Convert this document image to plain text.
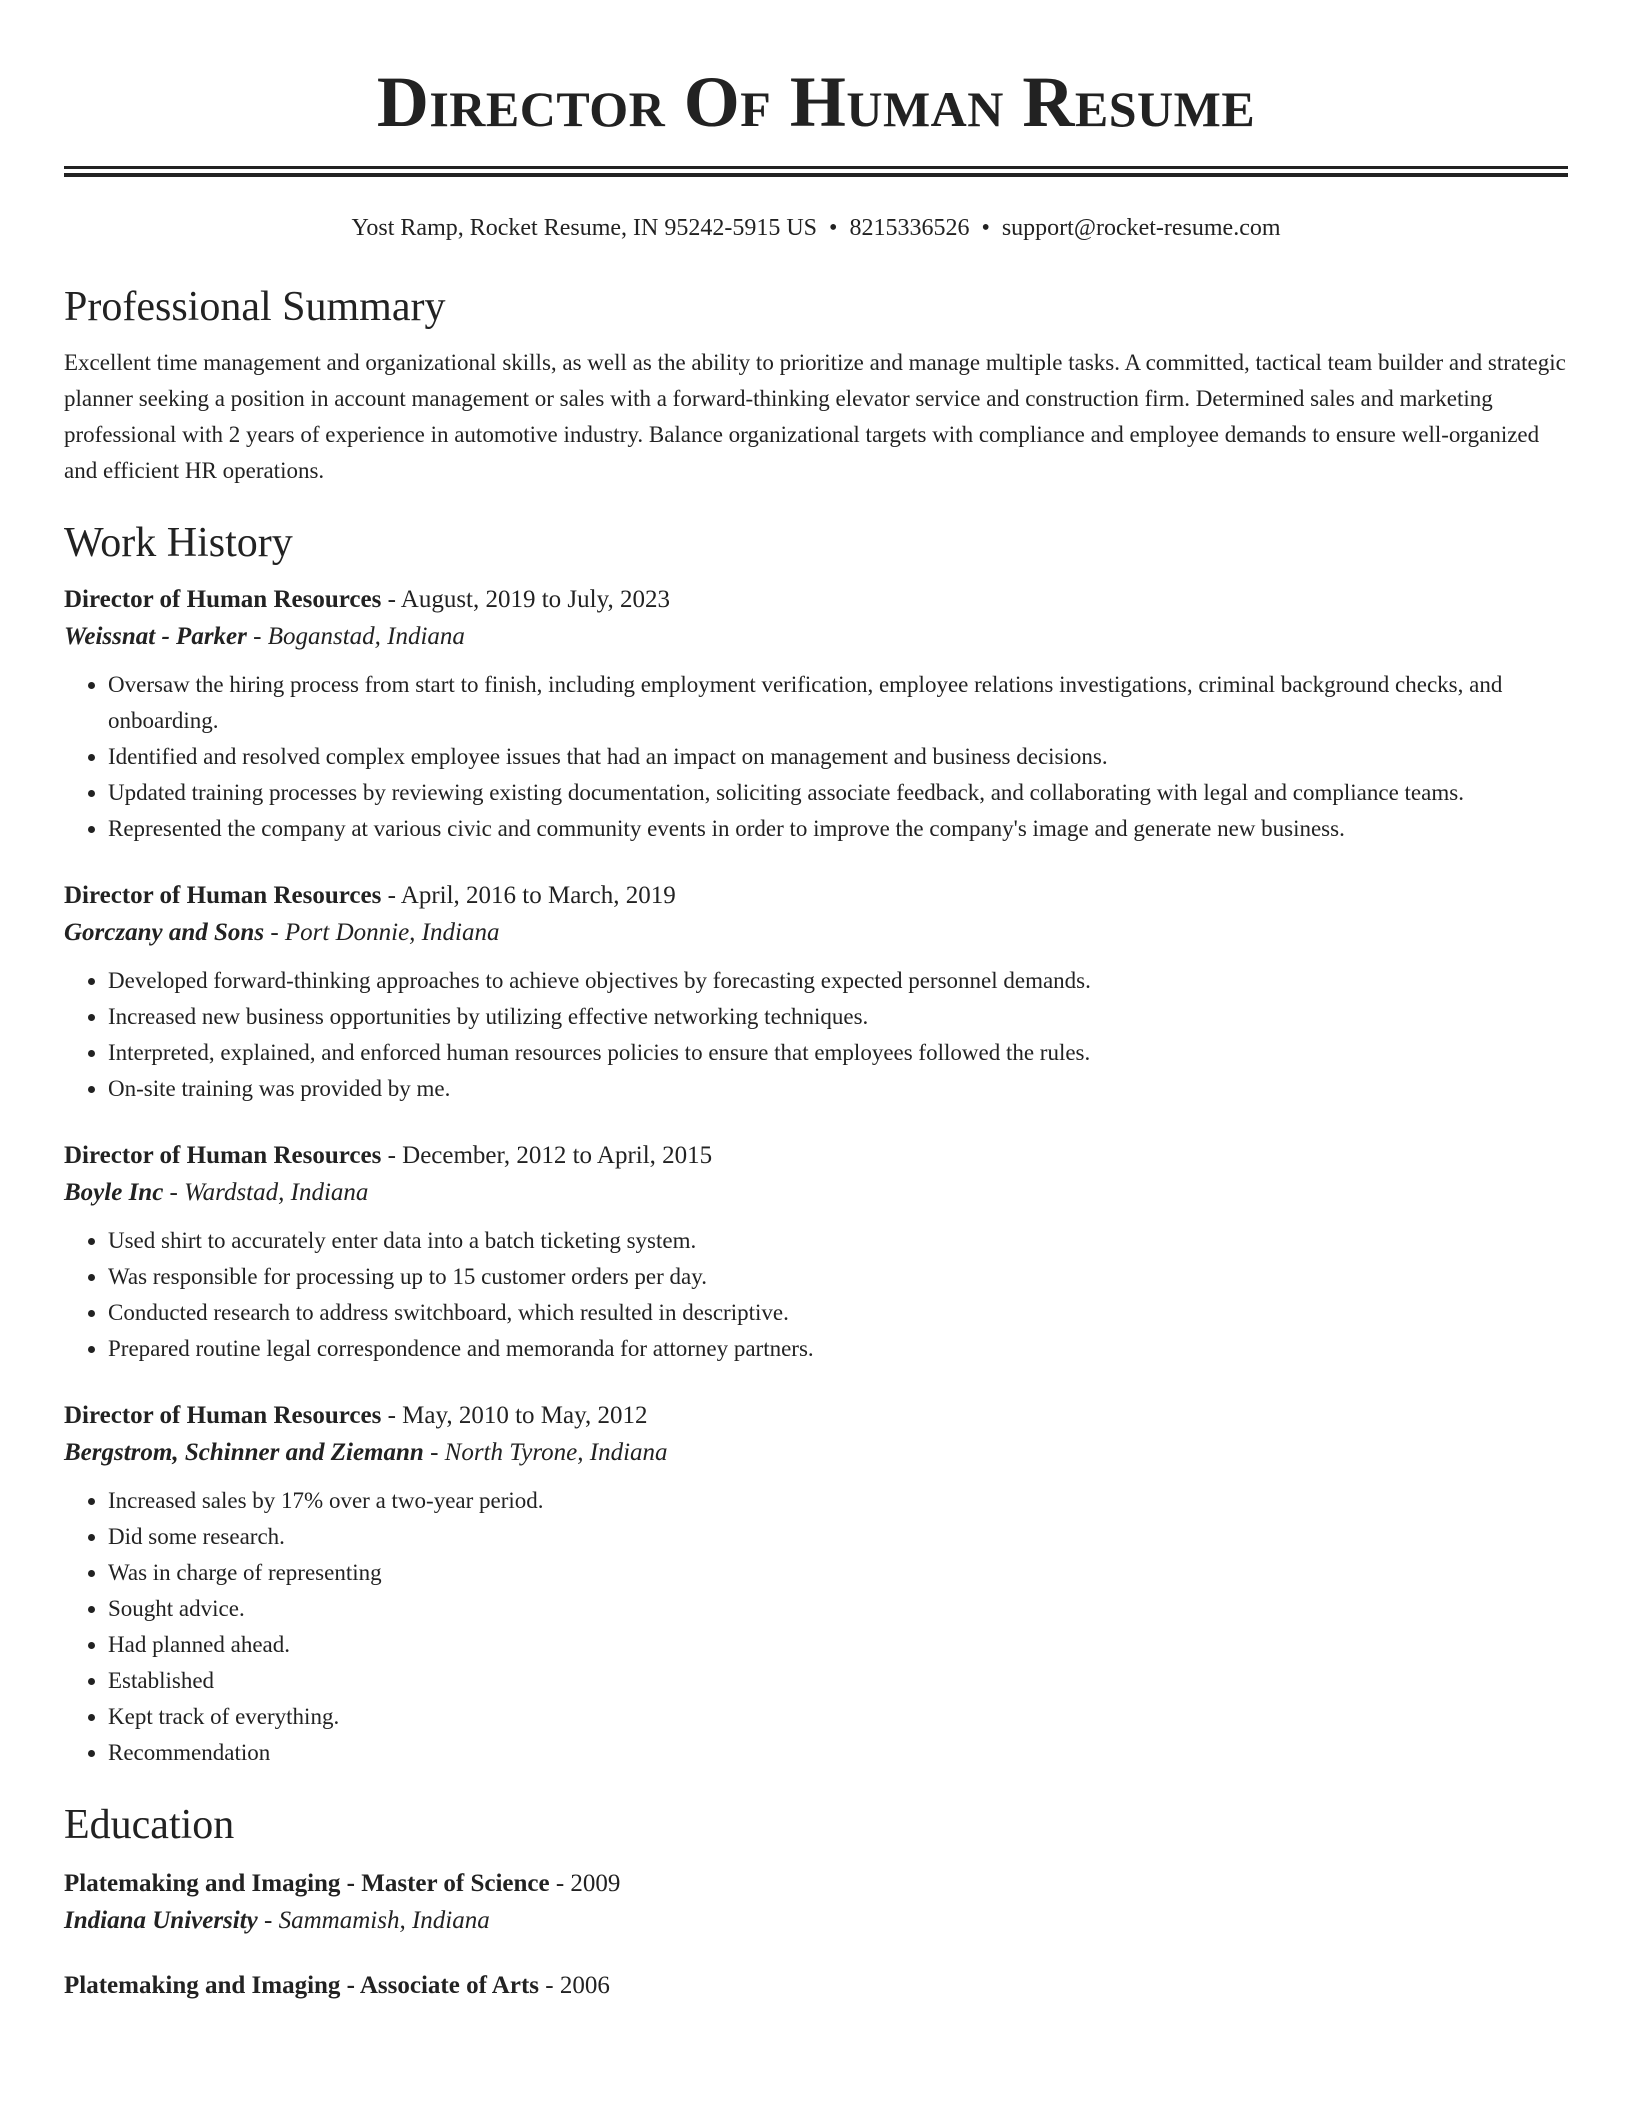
Director Of Human Resume
Yost Ramp, Rocket Resume, IN 95242-5915 US • 8215336526 • support@rocket-resume.com
Professional Summary

Excellent time management and organizational skills, as well as the ability to prioritize and manage multiple tasks. A committed, tactical team builder and strategic planner seeking a position in account management or sales with a forward-thinking elevator service and construction firm. Determined sales and marketing professional with 2 years of experience in automotive industry. Balance organizational targets with compliance and employee demands to ensure well-organized and efficient HR operations.

Work History
Director of Human Resources - August, 2019 to July, 2023
Weissnat - Parker - Boganstad, Indiana
• Oversaw the hiring process from start to finish, including employment verification, employee relations investigations, criminal background checks, and onboarding.
• Identified and resolved complex employee issues that had an impact on management and business decisions.
• Updated training processes by reviewing existing documentation, soliciting associate feedback, and collaborating with legal and compliance teams.
• Represented the company at various civic and community events in order to improve the company's image and generate new business.
Director of Human Resources - April, 2016 to March, 2019
Gorczany and Sons - Port Donnie, Indiana
• Developed forward-thinking approaches to achieve objectives by forecasting expected personnel demands.
• Increased new business opportunities by utilizing effective networking techniques.
• Interpreted, explained, and enforced human resources policies to ensure that employees followed the rules.
• On-site training was provided by me.
Director of Human Resources - December, 2012 to April, 2015
Boyle Inc - Wardstad, Indiana
• Used shirt to accurately enter data into a batch ticketing system.
• Was responsible for processing up to 15 customer orders per day.
• Conducted research to address switchboard, which resulted in descriptive.
• Prepared routine legal correspondence and memoranda for attorney partners.
Director of Human Resources - May, 2010 to May, 2012
Bergstrom, Schinner and Ziemann - North Tyrone, Indiana
• Increased sales by 17% over a two-year period.
• Did some research.
• Was in charge of representing
• Sought advice.
• Had planned ahead.
• Established
• Kept track of everything.
• Recommendation
Education
Platemaking and Imaging - Master of Science - 2009
Indiana University - Sammamish, Indiana
Platemaking and Imaging - Associate of Arts - 2006
